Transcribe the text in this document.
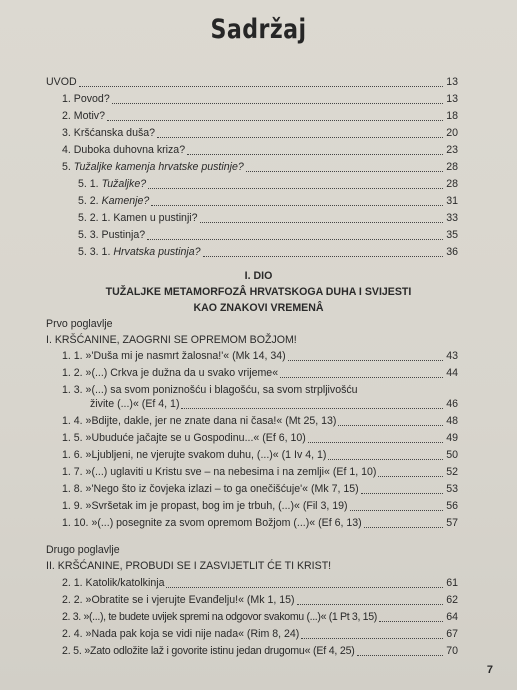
Sadržaj
UVOD	13
1. Povod?	13
2. Motiv?	18
3. Kršćanska duša?	20
4. Duboka duhovna kriza?	23
5. Tužaljke kamenja hrvatske pustinje?	28
5. 1. Tužaljke?	28
5. 2. Kamenje?	31
5. 2. 1. Kamen u pustinji?	33
5. 3. Pustinja?	35
5. 3. 1. Hrvatska pustinja?	36
I. DIO
TUŽALJKE METAMORFOZÂ HRVATSKOGA DUHA I SVIJESTI
KAO ZNAKOVI VREMENÂ
Prvo poglavlje
I. KRŠĆANINE, ZAOGRNI SE OPREMOM BOŽJOM!
1. 1. »'Duša mi je nasmrt žalosna!'« (Mk 14, 34)	43
1. 2. »(...) Crkva je dužna da u svako vrijeme«	44
1. 3. »(...) sa svom poniznošću i blagošću, sa svom strpljivošću
živite (...)« (Ef 4, 1)	46
1. 4. »Bdijte, dakle, jer ne znate dana ni časa!« (Mt 25, 13)	48
1. 5. »Ubuduće jačajte se u Gospodinu...« (Ef 6, 10)	49
1. 6. »Ljubljeni, ne vjerujte svakom duhu, (...)« (1 Iv 4, 1)	50
1. 7. »(...) uglaviti u Kristu sve – na nebesima i na zemlji« (Ef 1, 10)	52
1. 8. »'Nego što iz čovjeka izlazi – to ga onečišćuje'« (Mk 7, 15)	53
1. 9. »Svršetak im je propast, bog im je trbuh, (...)« (Fil 3, 19)	56
1. 10. »(...) posegnite za svom opremom Božjom (...)« (Ef 6, 13)	57
Drugo poglavlje
II. KRŠĆANINE, PROBUDI SE I ZASVIJETLIT ĆE TI KRIST!
2. 1. Katolik/katolkinja	61
2. 2. »Obratite se i vjerujte Evanđelju!« (Mk 1, 15)	62
2. 3. »(...), te budete uvijek spremi na odgovor svakomu (...)« (1 Pt 3, 15)	64
2. 4. »Nada pak koja se vidi nije nada« (Rim 8, 24)	67
2. 5. »Zato odložite laž i govorite istinu jedan drugomu« (Ef 4, 25)	70
7
